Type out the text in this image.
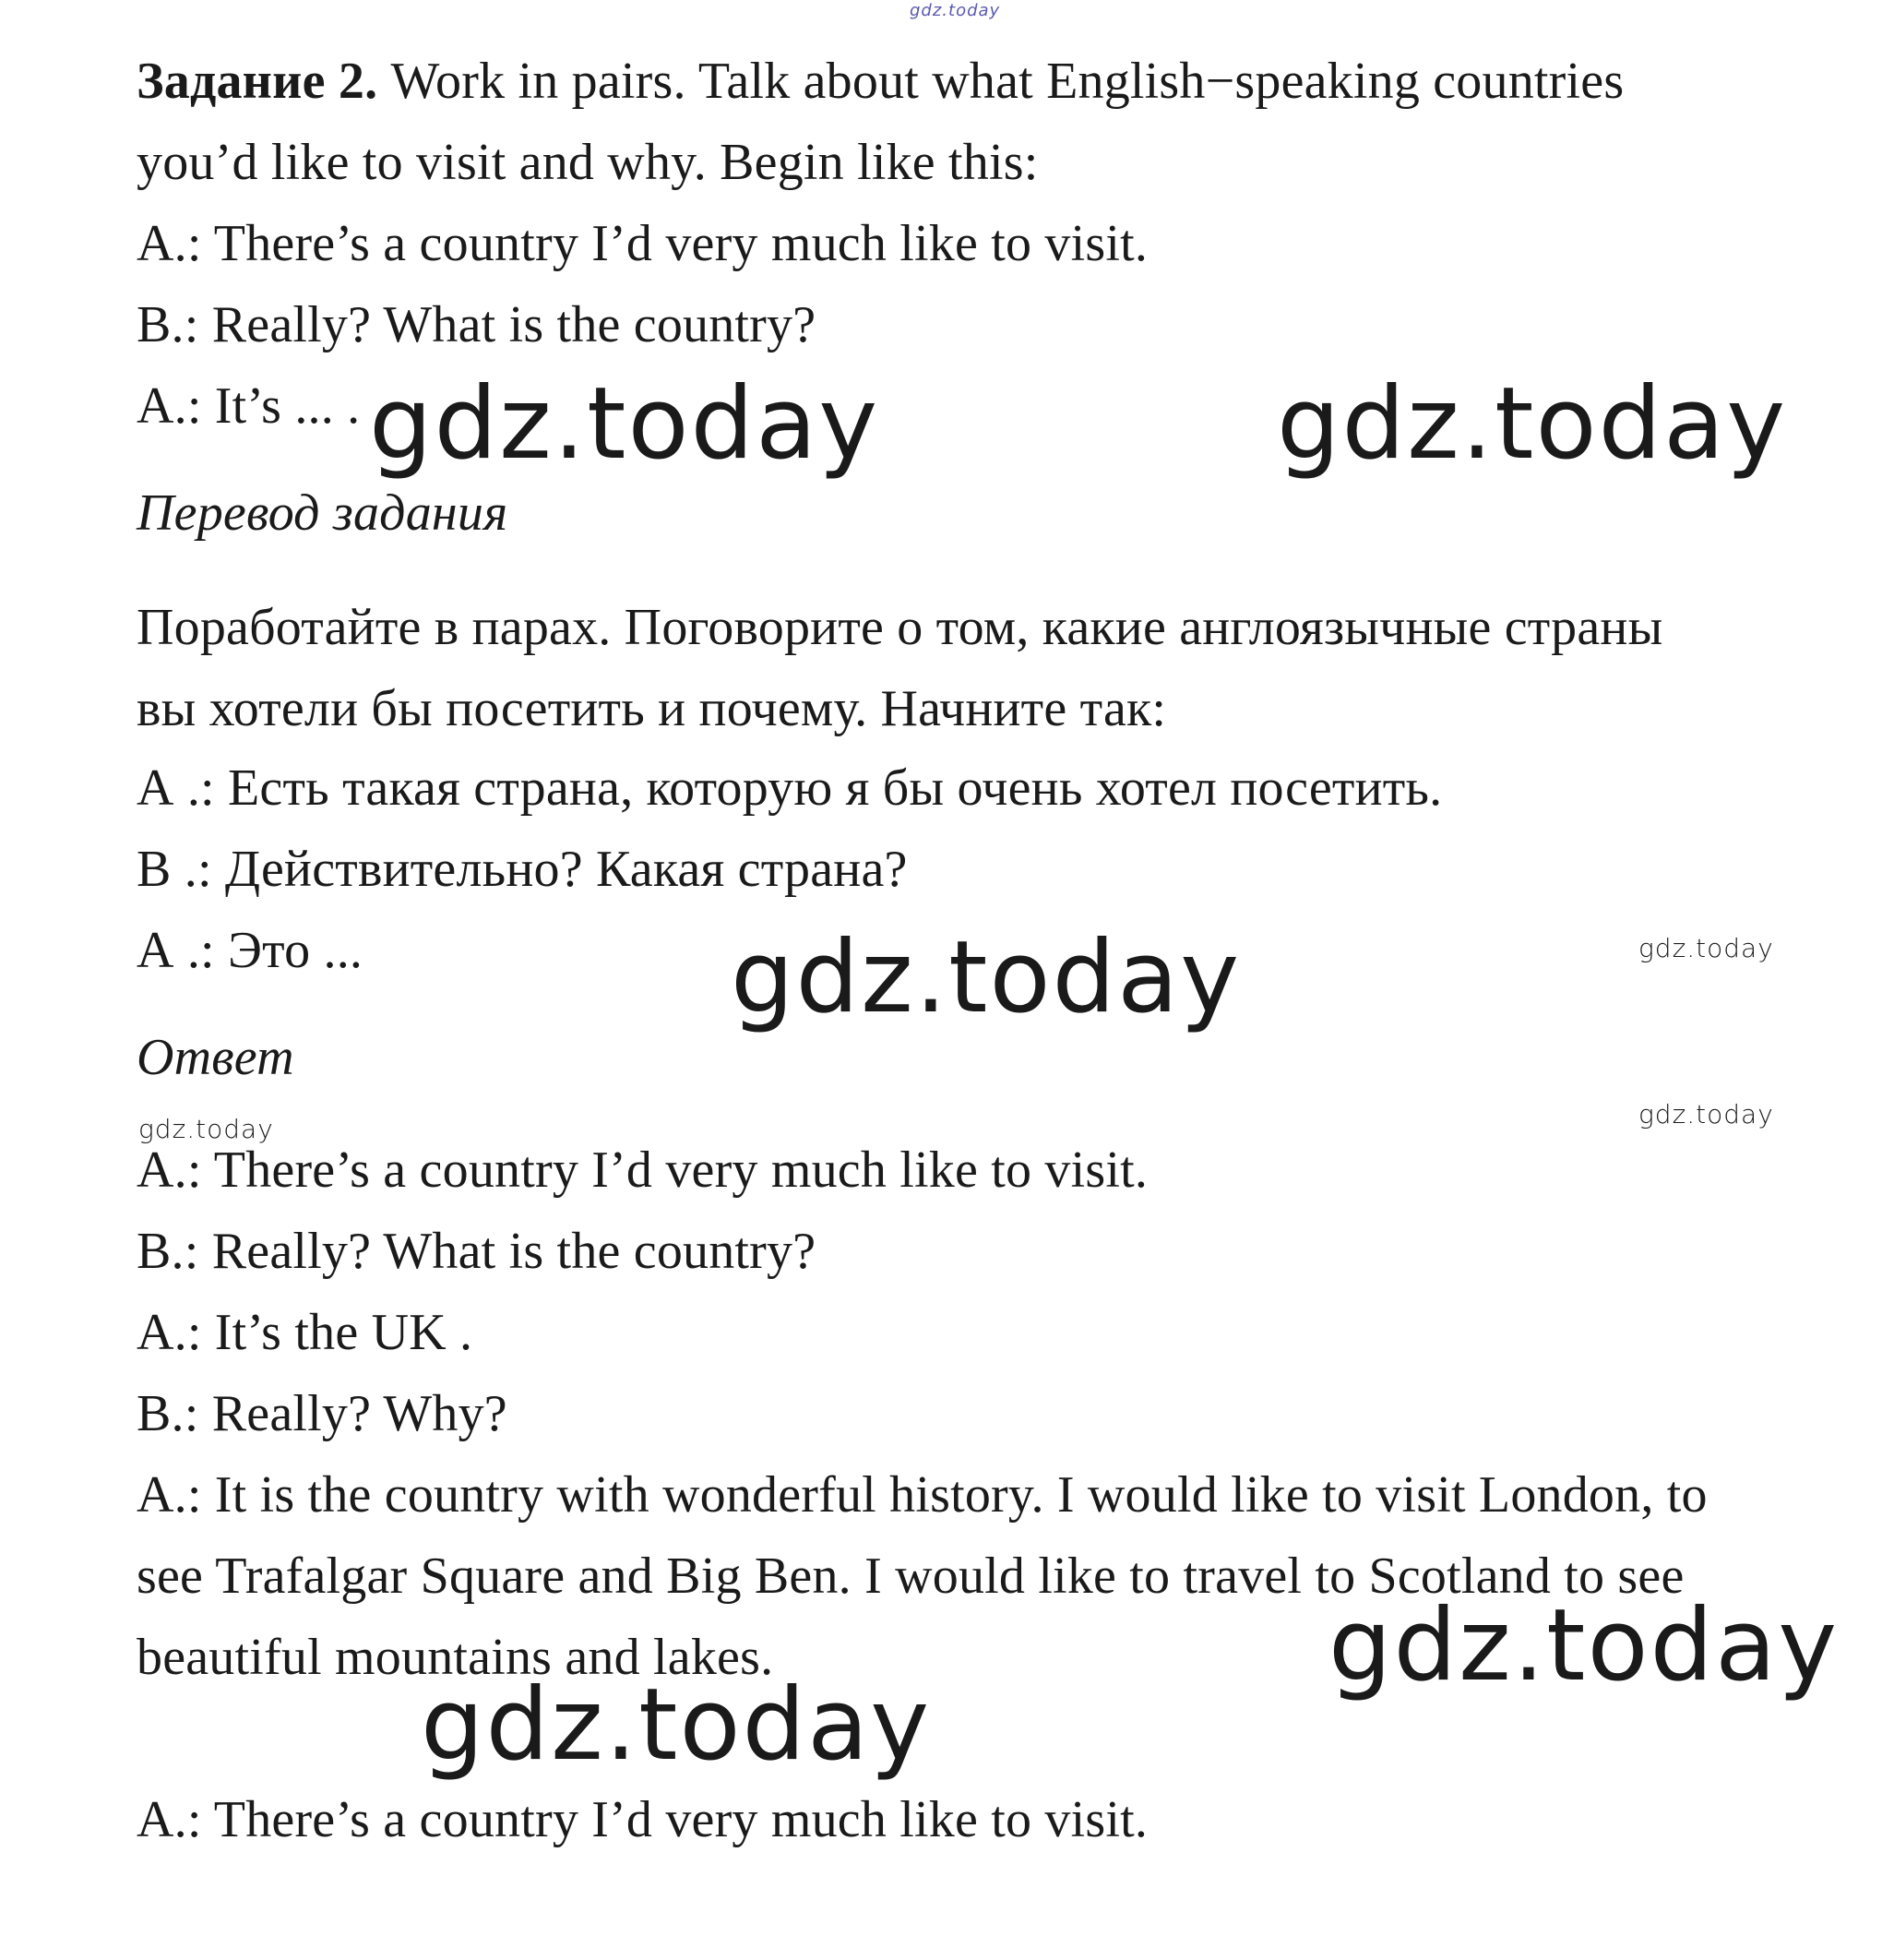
gdz.today
Задание 2. Work in pairs. Talk about what English−speaking countries
you’d like to visit and why. Begin like this:
A.: There’s a country I’d very much like to visit.
B.: Really? What is the country?
A.: It’s ... . gdz.today	gdz.today
Перевод задания
Поработайте в парах. Поговорите о том, какие англоязычные страны
вы хотели бы посетить и почему. Начните так:
А .: Есть такая страна, которую я бы очень хотел посетить.
В .: Действительно? Какая страна?
А .: Это ...	gdz.today
gdz.today
Ответ
gdz.today	gdz.today
A.: There’s a country I’d very much like to visit.
B.: Really? What is the country?
A.: It’s the UK .
B.: Really? Why?
A.: It is the country with wonderful history. I would like to visit London, to
see Trafalgar Square and Big Ben. I would like to travel to Scotland to see
beautiful mountains and lakes.	gdz.today
gdz.today
A.: There’s a country I’d very much like to visit.
